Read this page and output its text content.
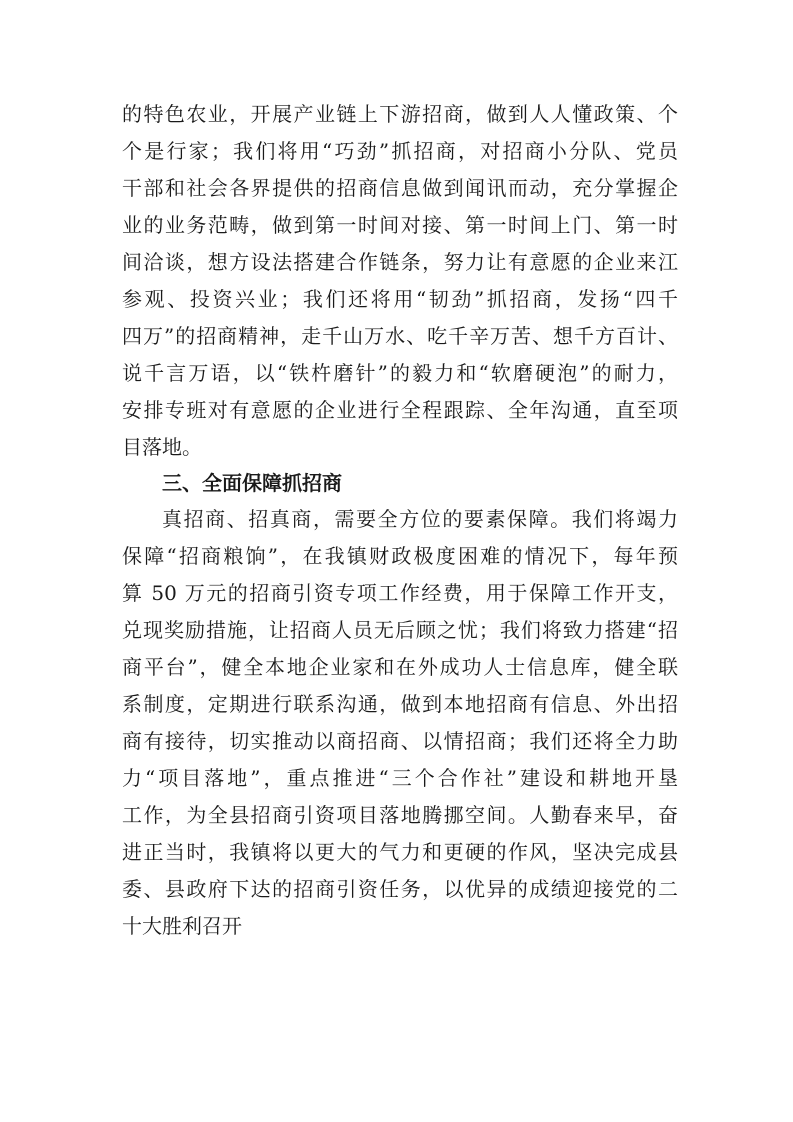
的特色农业，开展产业链上下游招商，做到人人懂政策、个
个是行家；我们将用“巧劲”抓招商，对招商小分队、党员
干部和社会各界提供的招商信息做到闻讯而动，充分掌握企
业的业务范畴，做到第一时间对接、第一时间上门、第一时
间洽谈，想方设法搭建合作链条，努力让有意愿的企业来江
参观、投资兴业；我们还将用“韧劲”抓招商，发扬“四千
四万”的招商精神，走千山万水、吃千辛万苦、想千方百计、
说千言万语，以“铁杵磨针”的毅力和“软磨硬泡”的耐力，
安排专班对有意愿的企业进行全程跟踪、全年沟通，直至项
目落地。
三、全面保障抓招商
真招商、招真商，需要全方位的要素保障。我们将竭力
保障“招商粮饷”，在我镇财政极度困难的情况下，每年预
算 50 万元的招商引资专项工作经费，用于保障工作开支，
兑现奖励措施，让招商人员无后顾之忧；我们将致力搭建“招
商平台”，健全本地企业家和在外成功人士信息库，健全联
系制度，定期进行联系沟通，做到本地招商有信息、外出招
商有接待，切实推动以商招商、以情招商；我们还将全力助
力“项目落地”，重点推进“三个合作社”建设和耕地开垦
工作，为全县招商引资项目落地腾挪空间。人勤春来早，奋
进正当时，我镇将以更大的气力和更硬的作风，坚决完成县
委、县政府下达的招商引资任务，以优异的成绩迎接党的二
十大胜利召开
